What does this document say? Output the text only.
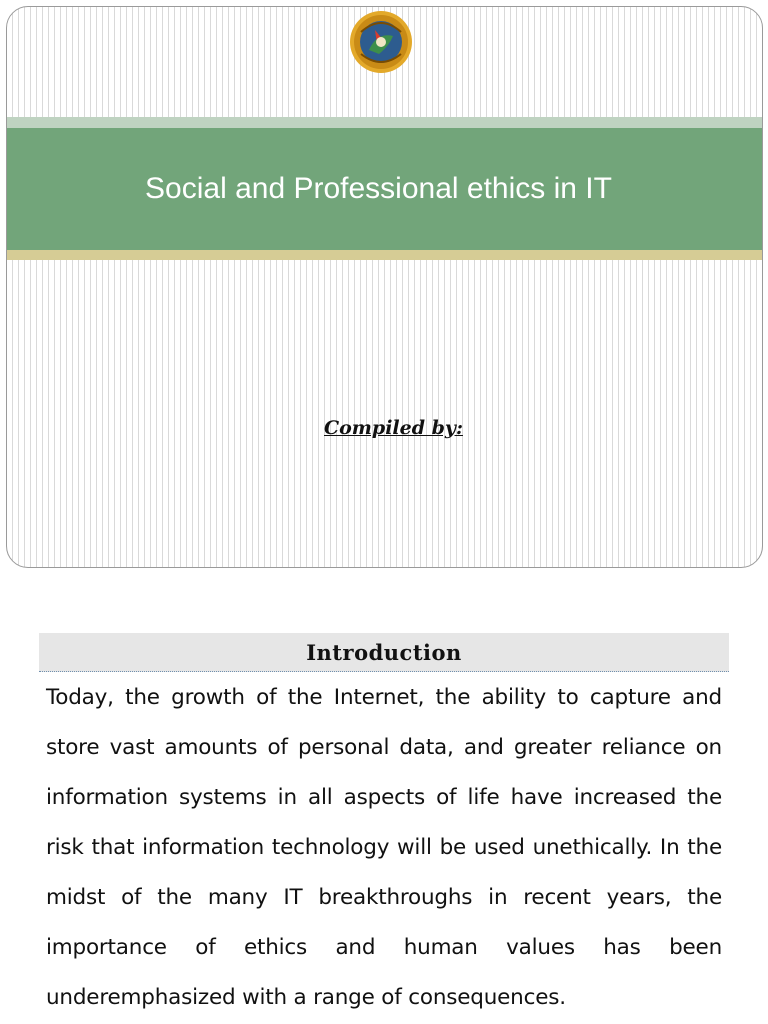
Social and Professional ethics in IT
Compiled by:
Introduction

Today, the growth of the Internet, the ability to capture and store vast amounts of personal data, and greater reliance on information systems in all aspects of life have increased the risk that information technology will be used unethically. In the midst of the many IT breakthroughs in recent years, the importance of ethics and human values has been underemphasized with a range of consequences.
